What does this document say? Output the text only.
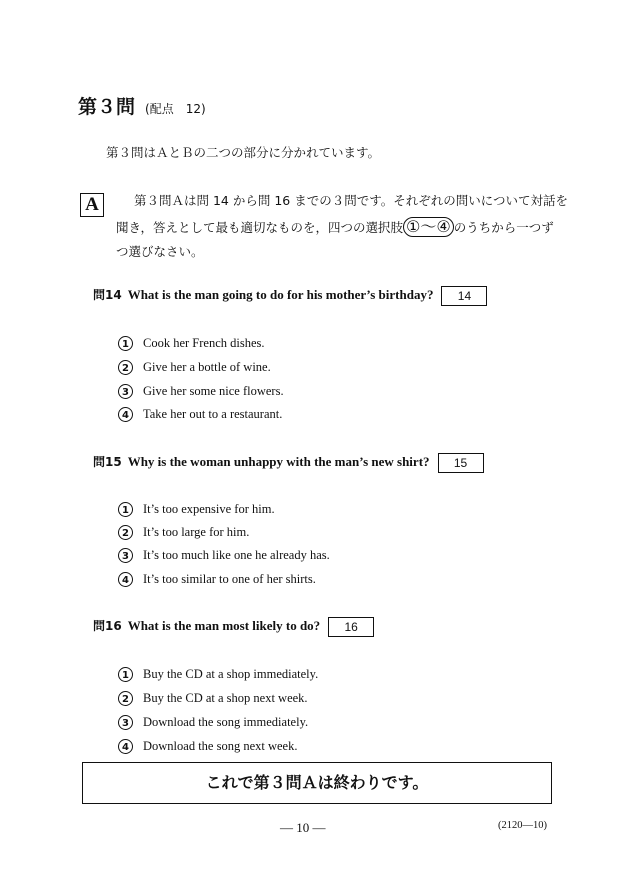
第３問 (配点　12)
第３問はＡとＢの二つの部分に分かれています。
A	第３問Ａは問 14 から問 16 までの３問です。それぞれの問いについて対話を
聞き，答えとして最も適切なものを，四つの選択肢 ①〜④ のうちから一つず
つ選びなさい。
問14 What is the man going to do for his mother’s birthday? 14
1 Cook her French dishes.
2 Give her a bottle of wine.
3 Give her some nice flowers.
4 Take her out to a restaurant.
問15 Why is the woman unhappy with the man’s new shirt? 15
1 It’s too expensive for him.
2 It’s too large for him.
3 It’s too much like one he already has.
4 It’s too similar to one of her shirts.
問16 What is the man most likely to do? 16
1 Buy the CD at a shop immediately.
2 Buy the CD at a shop next week.
3 Download the song immediately.
4 Download the song next week.
これで第３問Ａは終わりです。
— 10 —	(2120—10)
